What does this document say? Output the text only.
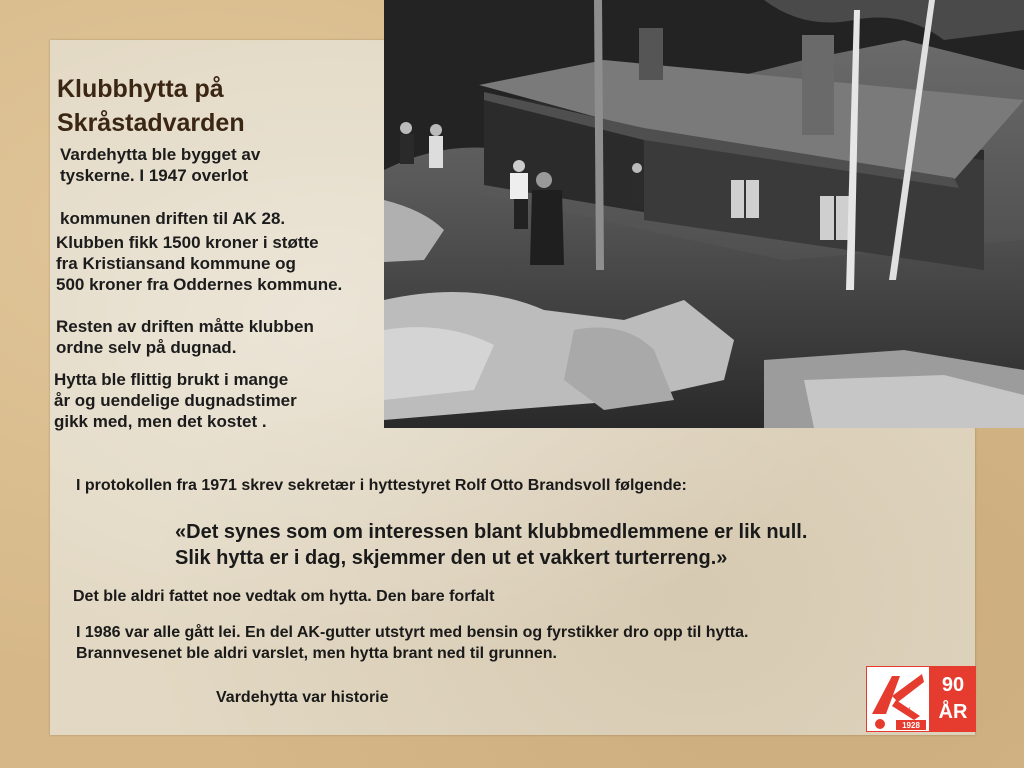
Klubbhytta på Skråstadvarden
Vardehytta ble bygget av
tyskerne. I 1947 overlot
kommunen driften til AK 28.
Klubben fikk 1500 kroner i støtte
fra Kristiansand kommune og
500 kroner fra Oddernes kommune.
Resten av driften måtte klubben
ordne selv på dugnad.
Hytta ble flittig brukt i mange
år og uendelige dugnadstimer
gikk med, men det kostet .
I protokollen fra 1971 skrev sekretær i hyttestyret Rolf Otto Brandsvoll følgende:
«Det synes som om interessen blant klubbmedlemmene er lik null.
Slik hytta er i dag, skjemmer den ut et vakkert turterreng.»
Det ble aldri fattet noe vedtak om hytta. Den bare forfalt
I 1986 var alle gått lei. En del AK-gutter utstyrt med bensin og fyrstikker dro opp til hytta.
Brannvesenet ble aldri varslet, men hytta brant ned til grunnen.
Vardehytta var historie
1928
AV
90
ÅR
